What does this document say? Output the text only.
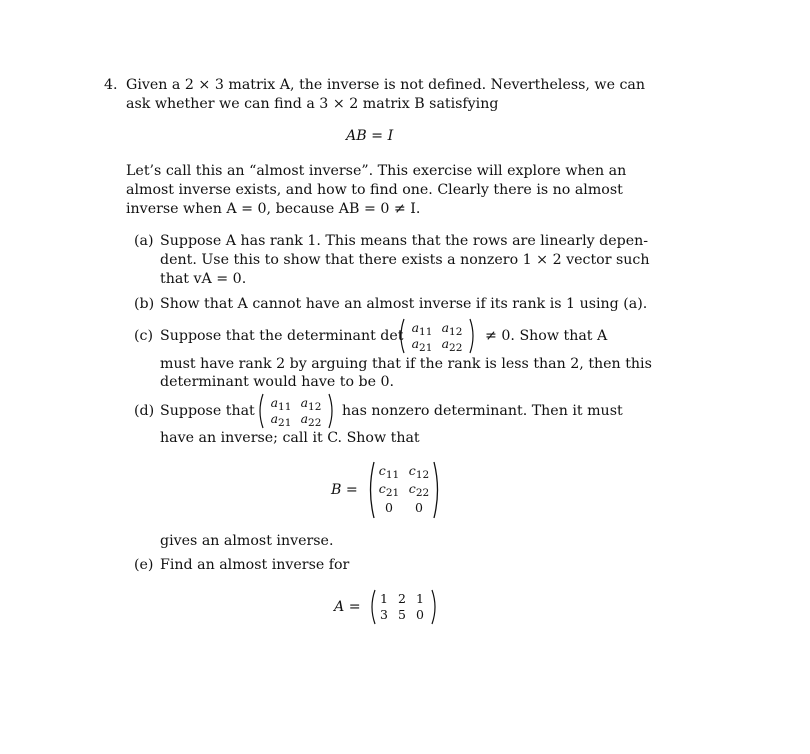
4. Given a 2 × 3 matrix A, the inverse is not defined. Nevertheless, we can
ask whether we can find a 3 × 2 matrix B satisfying
AB = I
Let’s call this an “almost inverse”. This exercise will explore when an
almost inverse exists, and how to find one. Clearly there is no almost
inverse when A = 0, because AB = 0 ≠ I.
(a) Suppose A has rank 1. This means that the rows are linearly depen-
dent. Use this to show that there exists a nonzero 1 × 2 vector such
that vA = 0.
(b) Show that A cannot have an almost inverse if its rank is 1 using (a).
(c) Suppose that the determinant det
$a_{11}$ $a_{12}$
$a_{21}$ $a_{22}$
≠ 0. Show that A
must have rank 2 by arguing that if the rank is less than 2, then this
determinant would have to be 0.
(d) Suppose that
$a_{11}$ $a_{12}$
$a_{21}$ $a_{22}$
has nonzero determinant. Then it must
have an inverse; call it C. Show that
B =
$c_{11}$ $c_{12}$
$c_{21}$ $c_{22}$
0	0
gives an almost inverse.
(e) Find an almost inverse for
A =
1 2 1
3 5 0
